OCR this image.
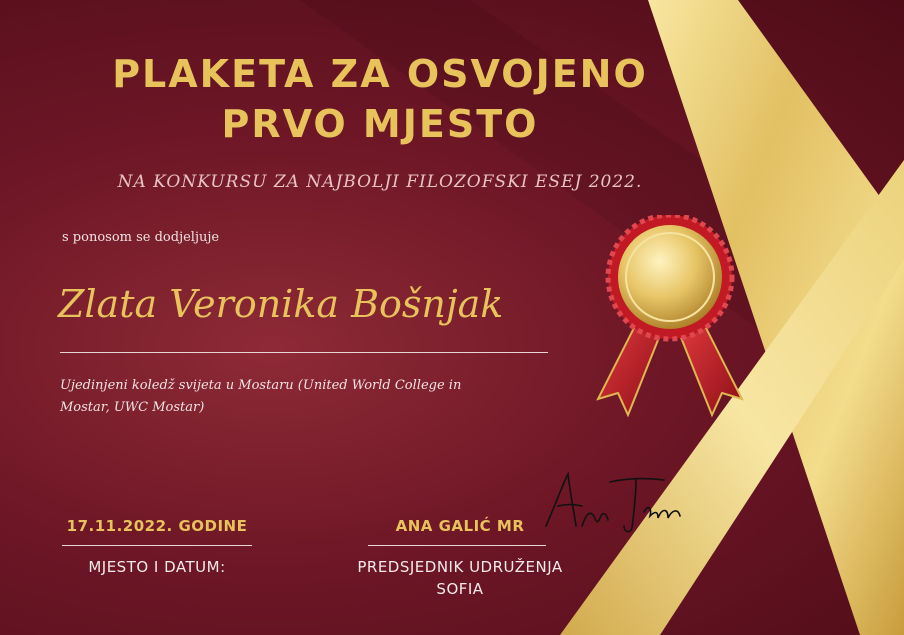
PLAKETA ZA OSVOJENO
PRVO MJESTO
NA KONKURSU ZA NAJBOLJI FILOZOFSKI ESEJ 2022.
s ponosom se dodjeljuje
Zlata Veronika Bošnjak
Ujedinjeni koledž svijeta u Mostaru (United World College in Mostar, UWC Mostar)
17.11.2022. GODINE
MJESTO I DATUM:
ANA GALIĆ MR
PREDSJEDNIK UDRUŽENJA
SOFIA
